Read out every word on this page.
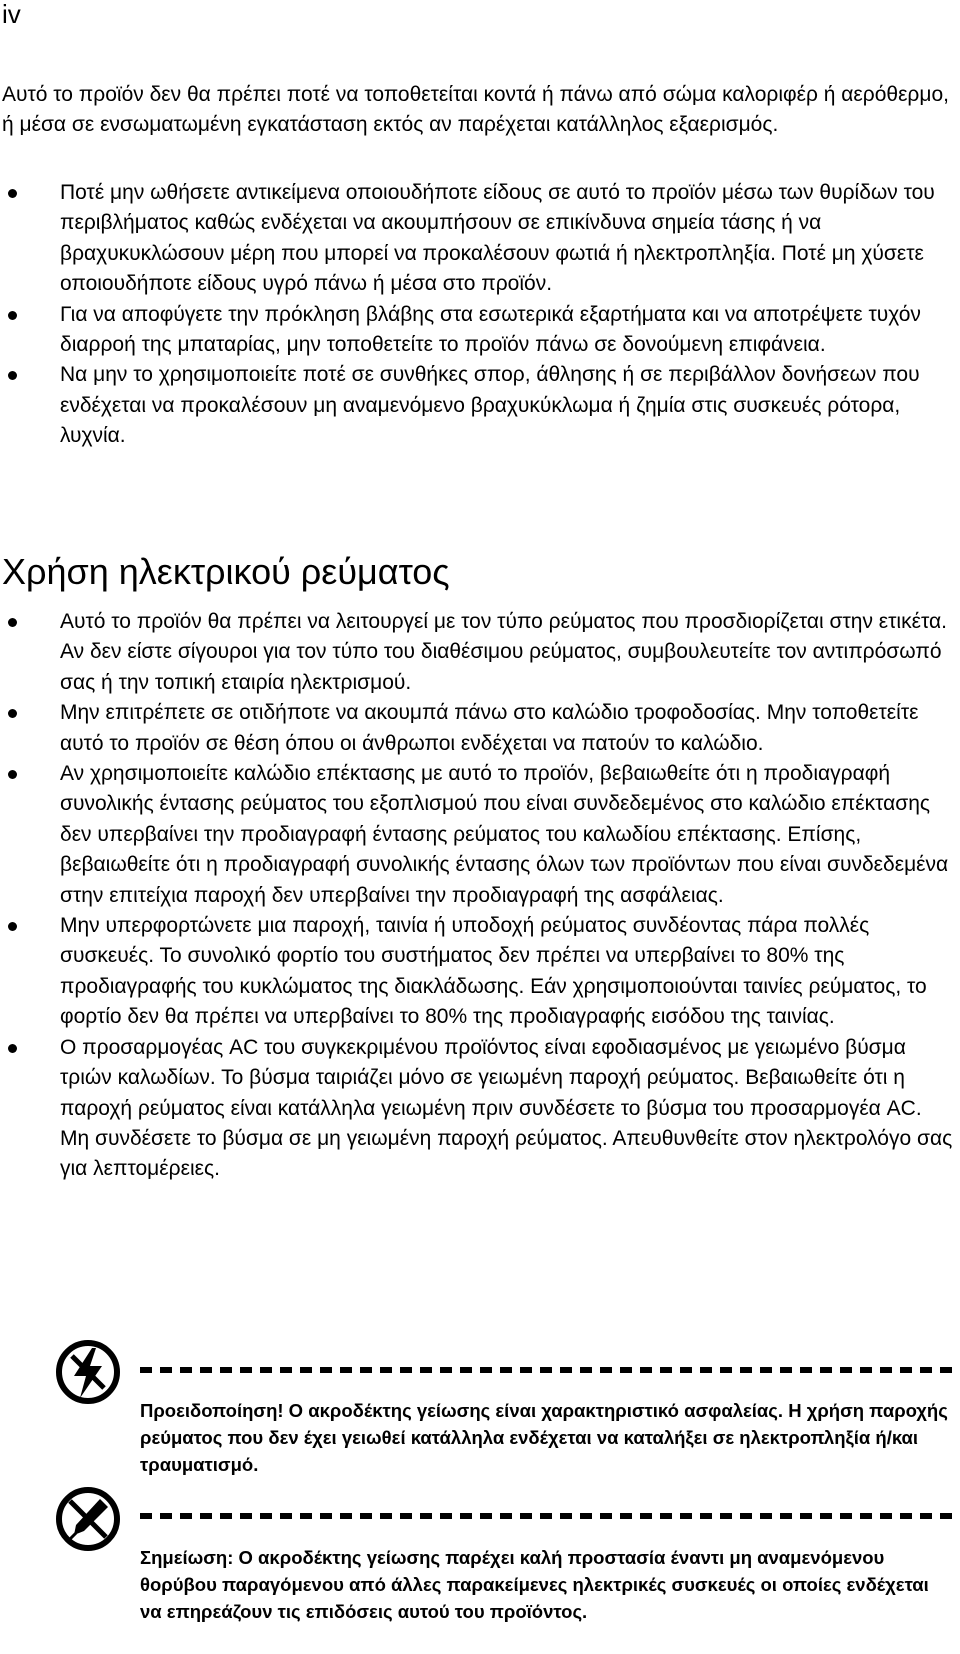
iv

Αυτό το προϊόν δεν θα πρέπει ποτέ να τοποθετείται κοντά ή πάνω από σώμα καλοριφέρ ή αερόθερμο, ή μέσα σε ενσωματωμένη εγκατάσταση εκτός αν παρέχεται κατάλληλος εξαερισμός.

Ποτέ μην ωθήσετε αντικείμενα οποιουδήποτε είδους σε αυτό το προϊόν μέσω των θυρίδων του περιβλήματος καθώς ενδέχεται να ακουμπήσουν σε επικίνδυνα σημεία τάσης ή να βραχυκυκλώσουν μέρη που μπορεί να προκαλέσουν φωτιά ή ηλεκτροπληξία. Ποτέ μη χύσετε οποιουδήποτε είδους υγρό πάνω ή μέσα στο προϊόν.
Για να αποφύγετε την πρόκληση βλάβης στα εσωτερικά εξαρτήματα και να αποτρέψετε τυχόν διαρροή της μπαταρίας, μην τοποθετείτε το προϊόν πάνω σε δονούμενη επιφάνεια.
Να μην το χρησιμοποιείτε ποτέ σε συνθήκες σπορ, άθλησης ή σε περιβάλλον δονήσεων που ενδέχεται να προκαλέσουν μη αναμενόμενο βραχυκύκλωμα ή ζημία στις συσκευές ρότορα, λυχνία.
Χρήση ηλεκτρικού ρεύματος
Αυτό το προϊόν θα πρέπει να λειτουργεί με τον τύπο ρεύματος που προσδιορίζεται στην ετικέτα. Αν δεν είστε σίγουροι για τον τύπο του διαθέσιμου ρεύματος, συμβουλευτείτε τον αντιπρόσωπό σας ή την τοπική εταιρία ηλεκτρισμού.
Μην επιτρέπετε σε οτιδήποτε να ακουμπά πάνω στο καλώδιο τροφοδοσίας. Μην τοποθετείτε αυτό το προϊόν σε θέση όπου οι άνθρωποι ενδέχεται να πατούν το καλώδιο.
Αν χρησιμοποιείτε καλώδιο επέκτασης με αυτό το προϊόν, βεβαιωθείτε ότι η προδιαγραφή συνολικής έντασης ρεύματος του εξοπλισμού που είναι συνδεδεμένος στο καλώδιο επέκτασης δεν υπερβαίνει την προδιαγραφή έντασης ρεύματος του καλωδίου επέκτασης. Επίσης, βεβαιωθείτε ότι η προδιαγραφή συνολικής έντασης όλων των προϊόντων που είναι συνδεδεμένα στην επιτείχια παροχή δεν υπερβαίνει την προδιαγραφή της ασφάλειας.
Μην υπερφορτώνετε μια παροχή, ταινία ή υποδοχή ρεύματος συνδέοντας πάρα πολλές συσκευές. Το συνολικό φορτίο του συστήματος δεν πρέπει να υπερβαίνει το 80% της προδιαγραφής του κυκλώματος της διακλάδωσης. Εάν χρησιμοποιούνται ταινίες ρεύματος, το φορτίο δεν θα πρέπει να υπερβαίνει το 80% της προδιαγραφής εισόδου της ταινίας.
Ο προσαρμογέας AC του συγκεκριμένου προϊόντος είναι εφοδιασμένος με γειωμένο βύσμα τριών καλωδίων. Το βύσμα ταιριάζει μόνο σε γειωμένη παροχή ρεύματος. Βεβαιωθείτε ότι η παροχή ρεύματος είναι κατάλληλα γειωμένη πριν συνδέσετε το βύσμα του προσαρμογέα AC. Μη συνδέσετε το βύσμα σε μη γειωμένη παροχή ρεύματος. Απευθυνθείτε στον ηλεκτρολόγο σας για λεπτομέρειες.

Προειδοποίηση! Ο ακροδέκτης γείωσης είναι χαρακτηριστικό ασφαλείας. Η χρήση παροχής ρεύματος που δεν έχει γειωθεί κατάλληλα ενδέχεται να καταλήξει σε ηλεκτροπληξία ή/και τραυματισμό.

Σημείωση: Ο ακροδέκτης γείωσης παρέχει καλή προστασία έναντι μη αναμενόμενου θορύβου παραγόμενου από άλλες παρακείμενες ηλεκτρικές συσκευές οι οποίες ενδέχεται να επηρεάζουν τις επιδόσεις αυτού του προϊόντος.
